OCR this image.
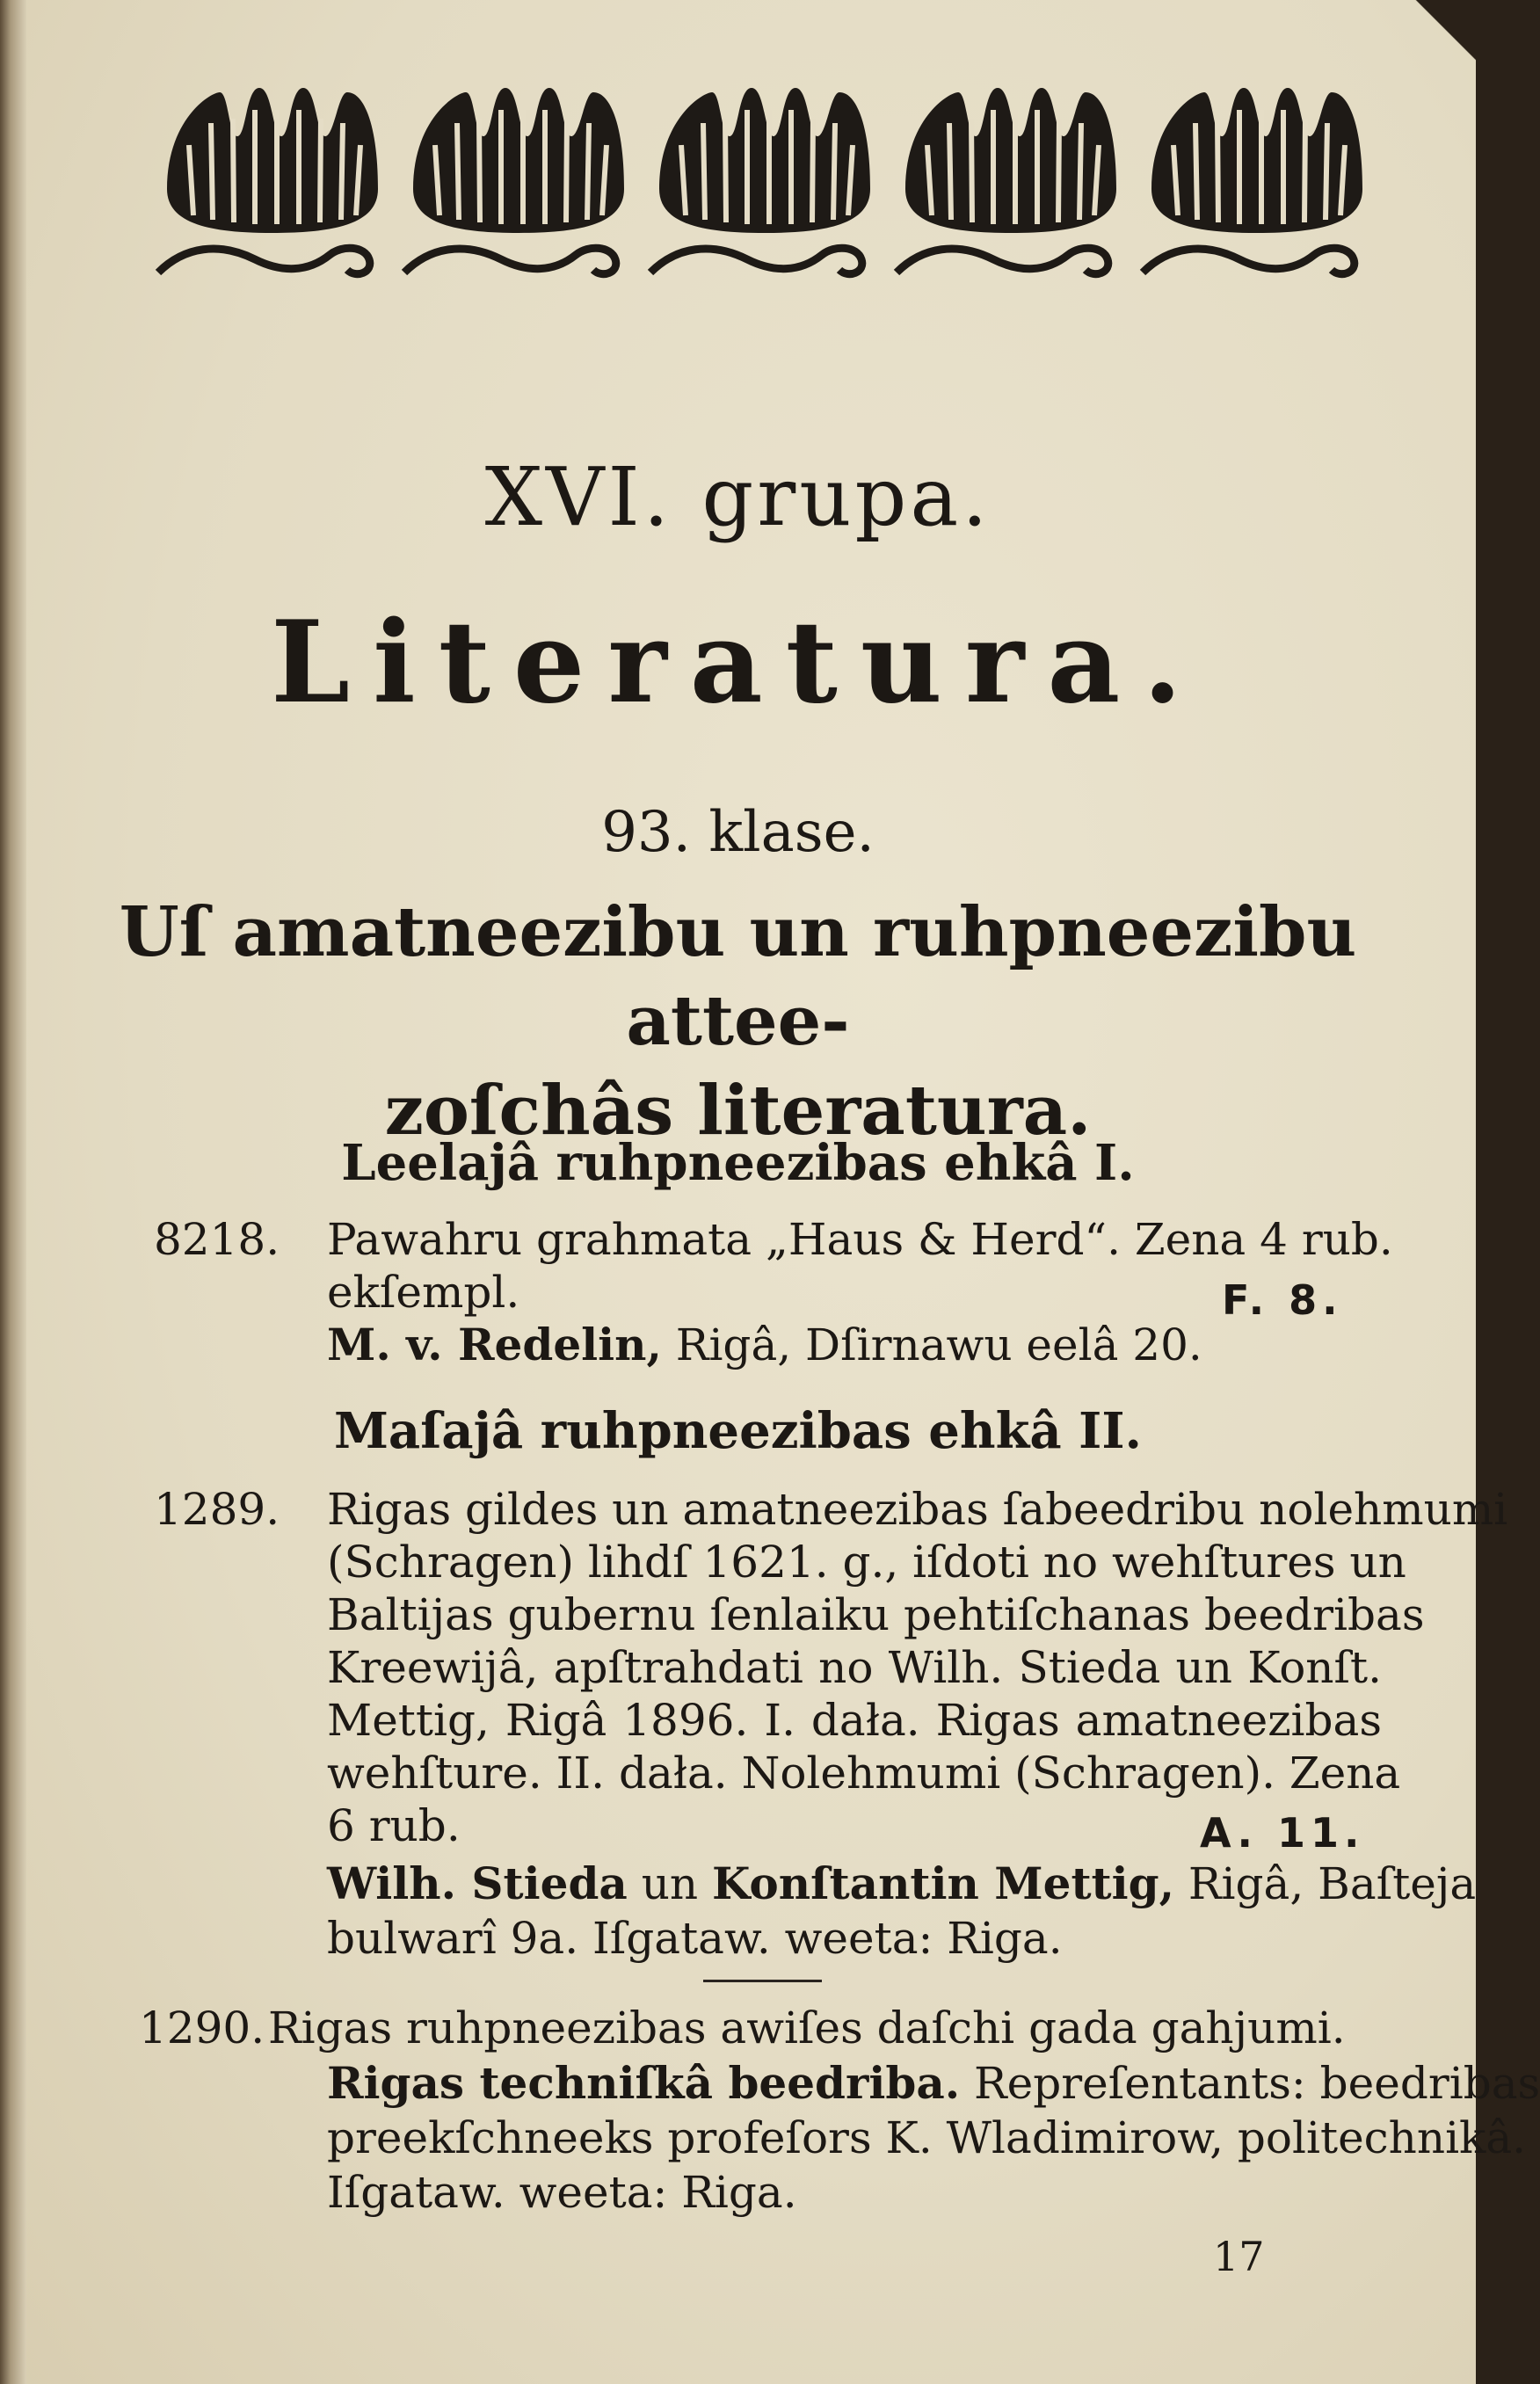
XVI. grupa.
Literatura.
93. klase.
Uſ amatneezibu un ruhpneezibu attee-
zoſchâs literatura.
Leelajâ ruhpneezibas ehkâ I.
8218. Pawahru grahmata „Haus & Herd“. Zena 4 rub.
ekſempl.	F. 8.
M. v. Redelin, Rigâ, Dſirnawu eelâ 20.
Maſajâ ruhpneezibas ehkâ II.
1289. Rigas gildes un amatneezibas ſabeedribu nolehmumi
(Schragen) lihdſ 1621. g., iſdoti no wehſtures un
Baltijas gubernu ſenlaiku pehtiſchanas beedribas
Kreewijâ, apſtrahdati no Wilh. Stieda un Konſt.
Mettig, Rigâ 1896. I. dała. Rigas amatneezibas
wehſture. II. dała. Nolehmumi (Schragen). Zena
6 rub.	A. 11.
Wilh. Stieda un Konſtantin Mettig, Rigâ, Baſteja
bulwarî 9a. Iſgataw. weeta: Riga.
1290. Rigas ruhpneezibas awiſes daſchi gada gahjumi.
Rigas techniſkâ beedriba. Repreſentants: beedribas
preekſchneeks profeſors K. Wladimirow, politechnikâ.
Iſgataw. weeta: Riga.
17
